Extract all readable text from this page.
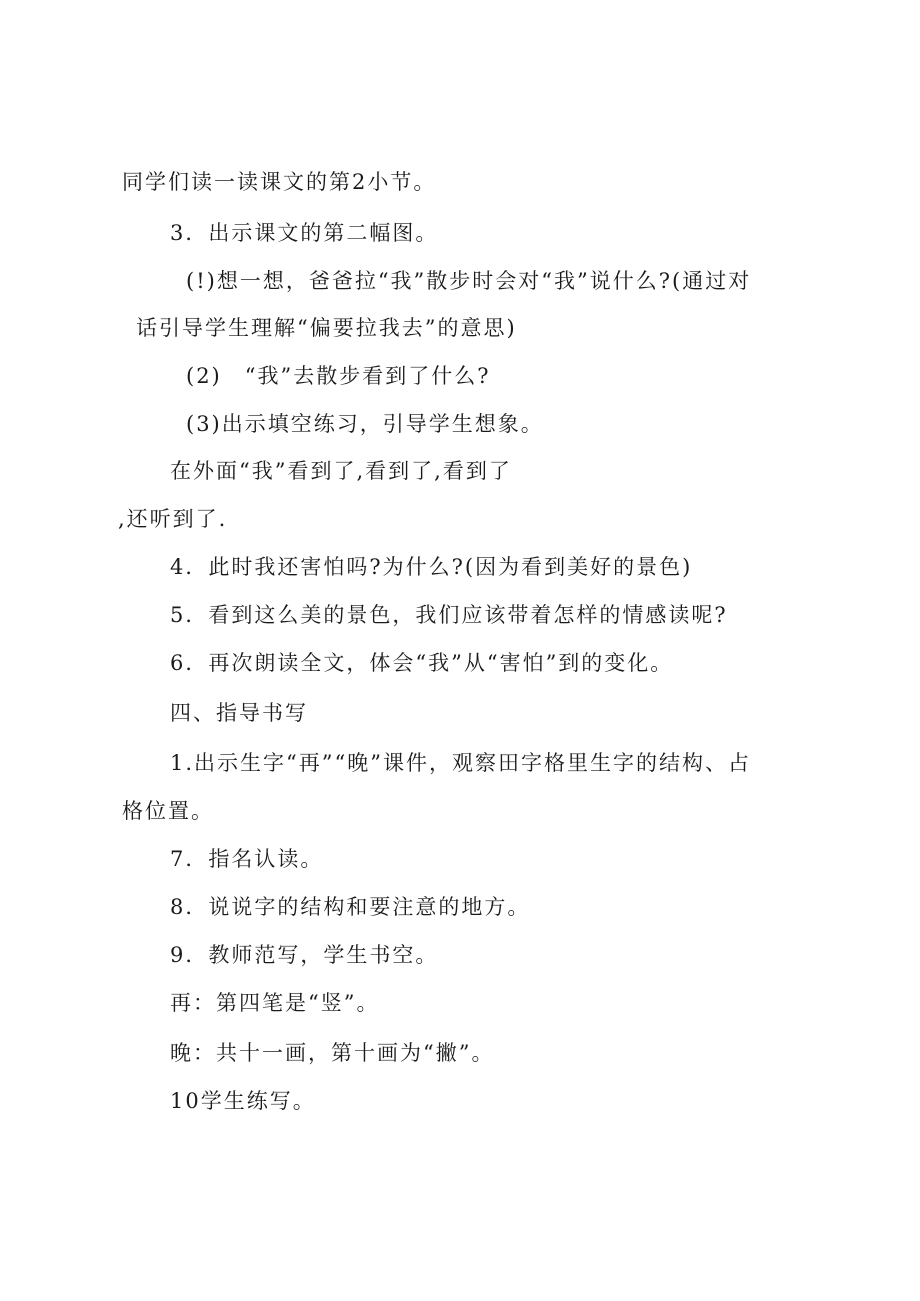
同学们读一读课文的第2小节。
3．出示课文的第二幅图。
(!)想一想，爸爸拉“我”散步时会对“我”说什么?(通过对
话引导学生理解“偏要拉我去”的意思)
(2)　“我”去散步看到了什么?
(3)出示填空练习，引导学生想象。
在外面“我”看到了,看到了,看到了
,还听到了.
4．此时我还害怕吗?为什么?(因为看到美好的景色)
5．看到这么美的景色，我们应该带着怎样的情感读呢?
6．再次朗读全文，体会“我”从“害怕”到的变化。
四、指导书写
1.出示生字“再”“晚”课件，观察田字格里生字的结构、占
格位置。
7．指名认读。
8．说说字的结构和要注意的地方。
9．教师范写，学生书空。
再：第四笔是“竖”。
晚：共十一画，第十画为“撇”。
10学生练写。
